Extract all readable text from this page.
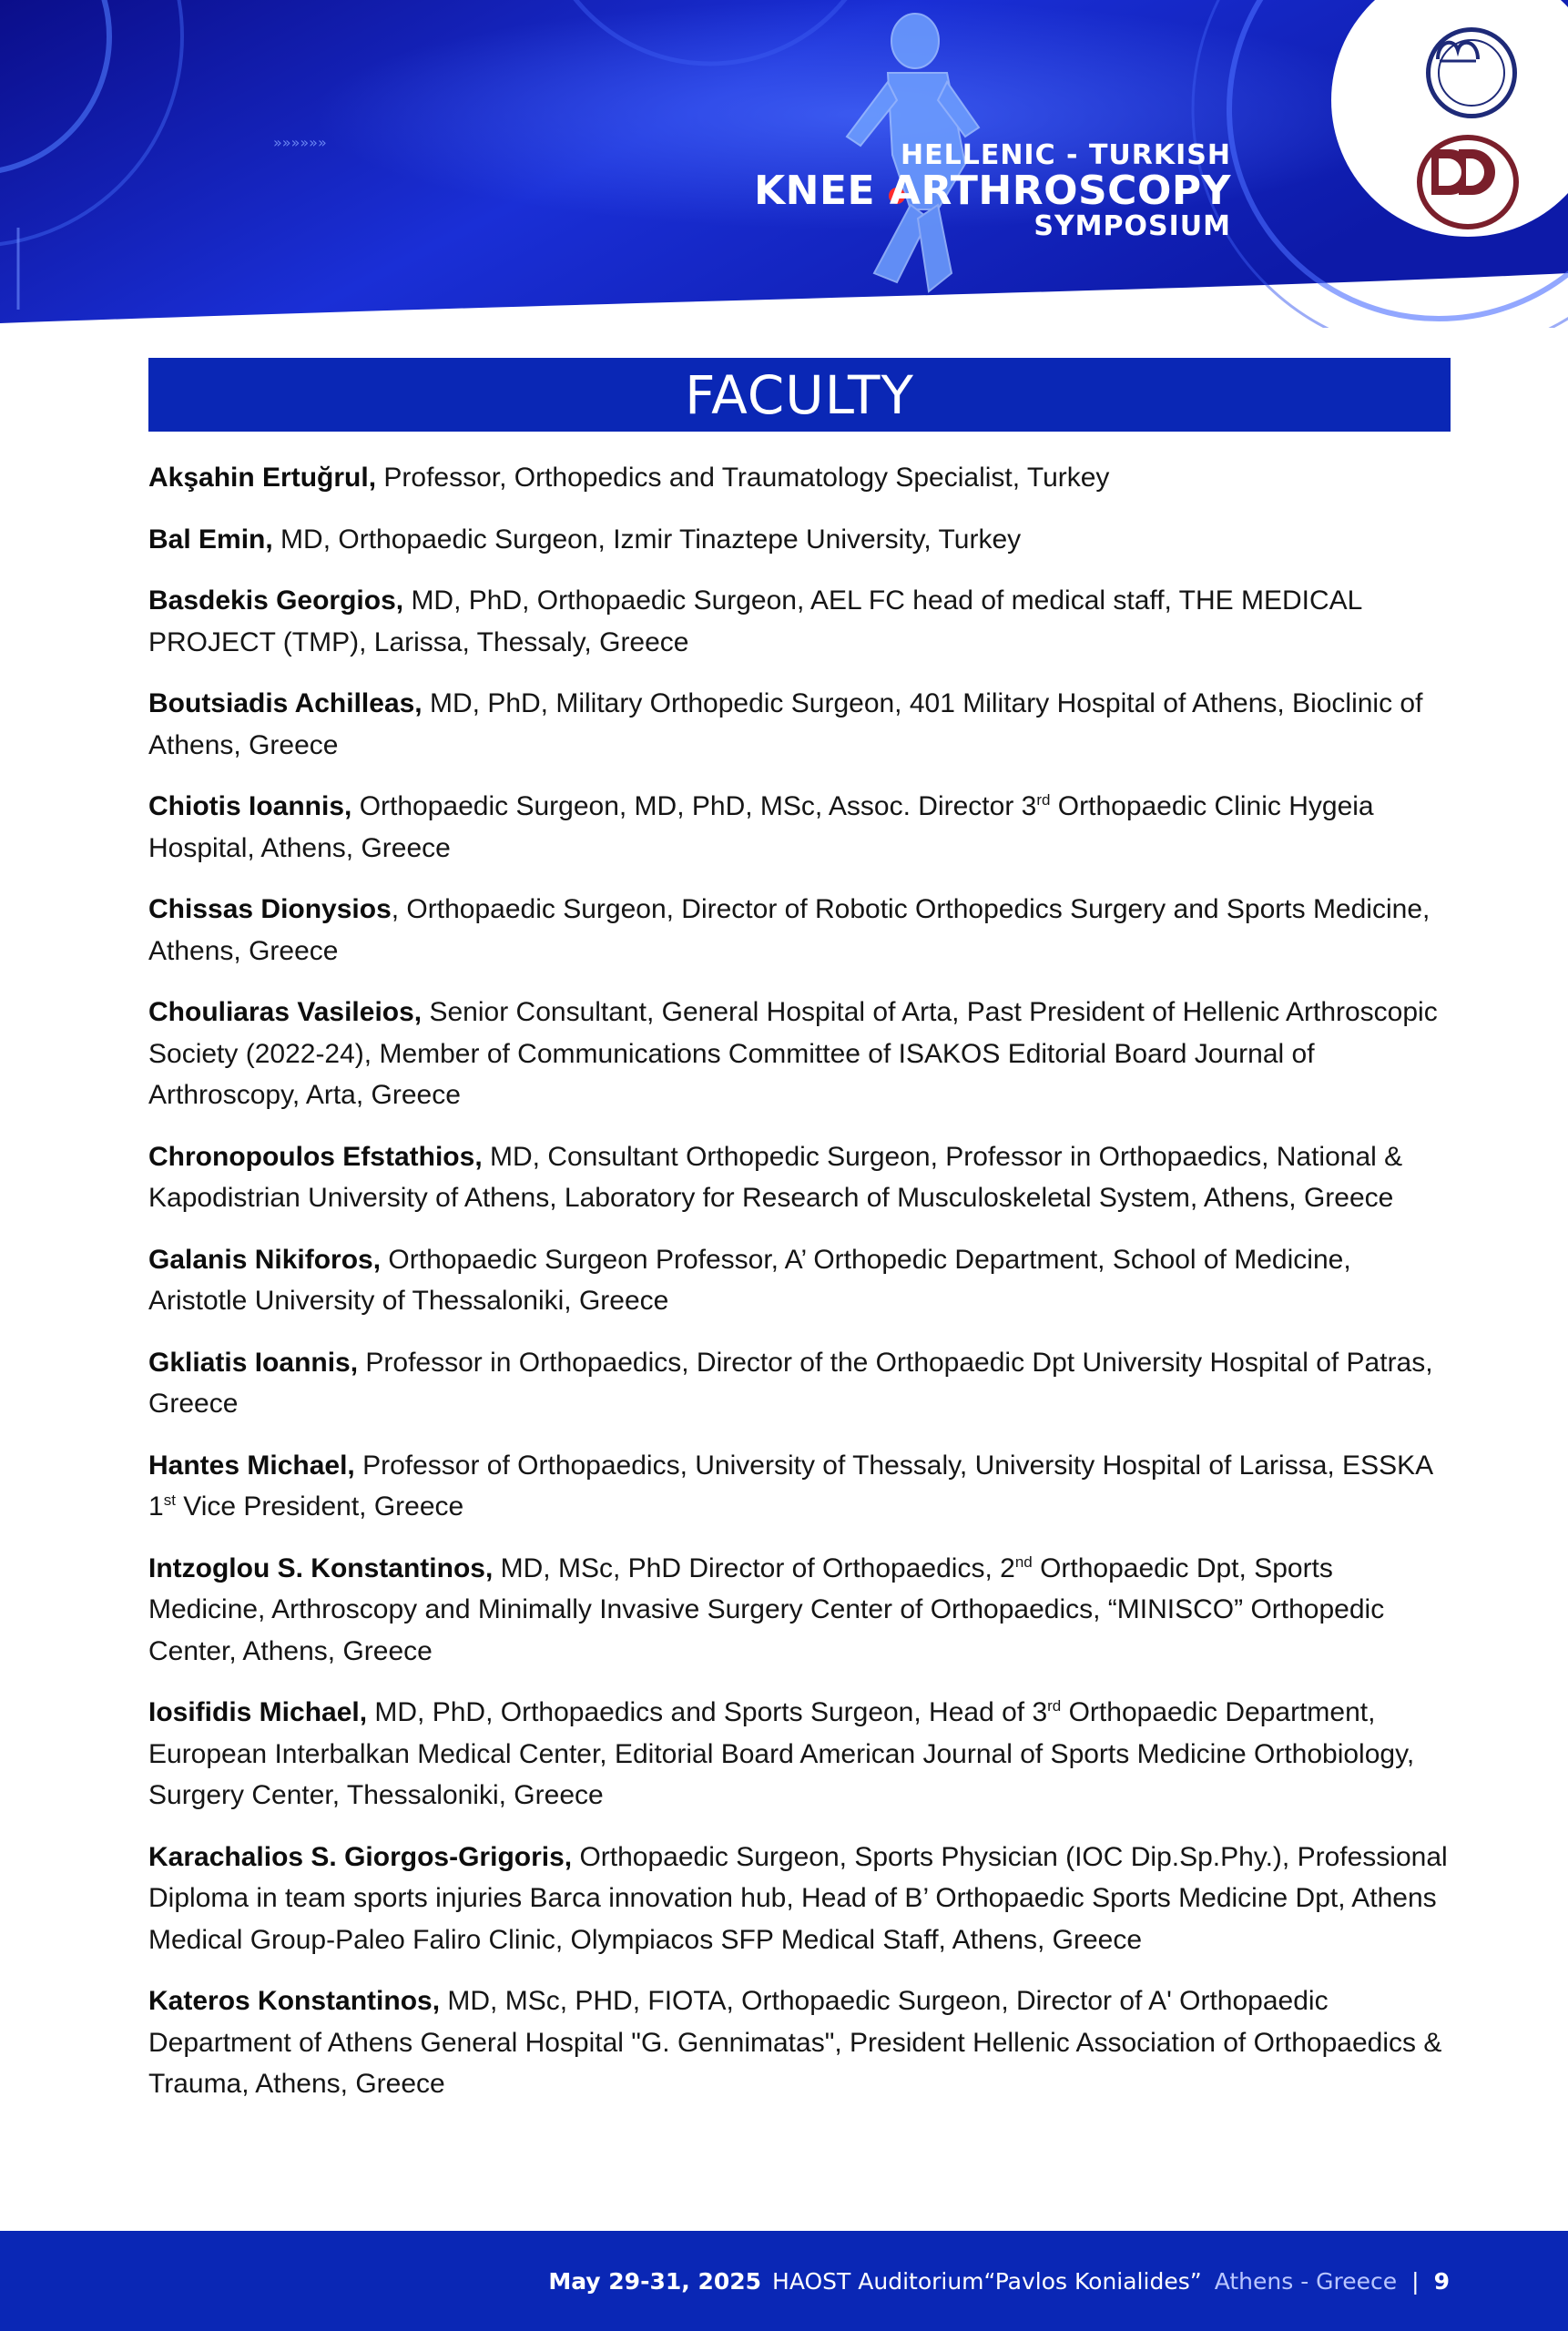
»»»»»»	HELLENIC - TURKISH
KNEE ARTHROSCOPY
SYMPOSIUM
FACULTY
Akşahin Ertuğrul, Professor, Orthopedics and Traumatology Specialist, Turkey
Bal Emin, MD, Orthopaedic Surgeon, Izmir Tinaztepe University, Turkey
Basdekis Georgios, MD, PhD, Orthopaedic Surgeon, AEL FC head of medical staff, THE MEDICAL PROJECT (TMP), Larissa, Thessaly, Greece
Boutsiadis Achilleas, MD, PhD, Military Orthopedic Surgeon, 401 Military Hospital of Athens, Bioclinic of Athens, Greece
Chiotis Ioannis, Orthopaedic Surgeon, MD, PhD, MSc, Assoc. Director 3rd Orthopaedic Clinic Hygeia Hospital, Athens, Greece
Chissas Dionysios, Orthopaedic Surgeon, Director of Robotic Orthopedics Surgery and Sports Medicine, Athens, Greece
Chouliaras Vasileios, Senior Consultant, General Hospital of Arta, Past President of Hellenic Arthroscopic Society (2022-24), Member of Communications Committee of ISAKOS Editorial Board Journal of Arthroscopy, Arta, Greece
Chronopoulos Efstathios, MD, Consultant Orthopedic Surgeon, Professor in Orthopaedics, National & Kapodistrian University of Athens, Laboratory for Research of Musculoskeletal System, Athens, Greece
Galanis Nikiforos, Orthopaedic Surgeon Professor, A’ Orthopedic Department, School of Medicine, Aristotle University of Thessaloniki, Greece
Gkliatis Ioannis, Professor in Orthopaedics, Director of the Orthopaedic Dpt University Hospital of Patras, Greece
Hantes Michael, Professor of Orthopaedics, University of Thessaly, University Hospital of Larissa, ESSKA 1st Vice President, Greece
Intzoglou S. Konstantinos, MD, MSc, PhD Director of Orthopaedics, 2nd Orthopaedic Dpt, Sports Medicine, Arthroscopy and Minimally Invasive Surgery Center of Orthopaedics, “MINISCO” Orthopedic Center, Athens, Greece
Iosifidis Michael, MD, PhD, Orthopaedics and Sports Surgeon, Head of 3rd Orthopaedic Department, European Interbalkan Medical Center, Editorial Board American Journal of Sports Medicine Orthobiology, Surgery Center, Thessaloniki, Greece
Karachalios S. Giorgos-Grigoris, Orthopaedic Surgeon, Sports Physician (IOC Dip.Sp.Phy.), Professional Diploma in team sports injuries Barca innovation hub, Head of B’ Orthopaedic Sports Medicine Dpt, Athens Medical Group-Paleo Faliro Clinic, Olympiacos SFP Medical Staff, Athens, Greece
Kateros Konstantinos, MD, MSc, PHD, FIOTA, Orthopaedic Surgeon, Director of A' Orthopaedic Department of Athens General Hospital "G. Gennimatas", President Hellenic Association of Orthopaedics & Trauma, Athens, Greece
May 29-31, 2025 HAOST Auditorium“Pavlos Konialides” Athens - Greece | 9
